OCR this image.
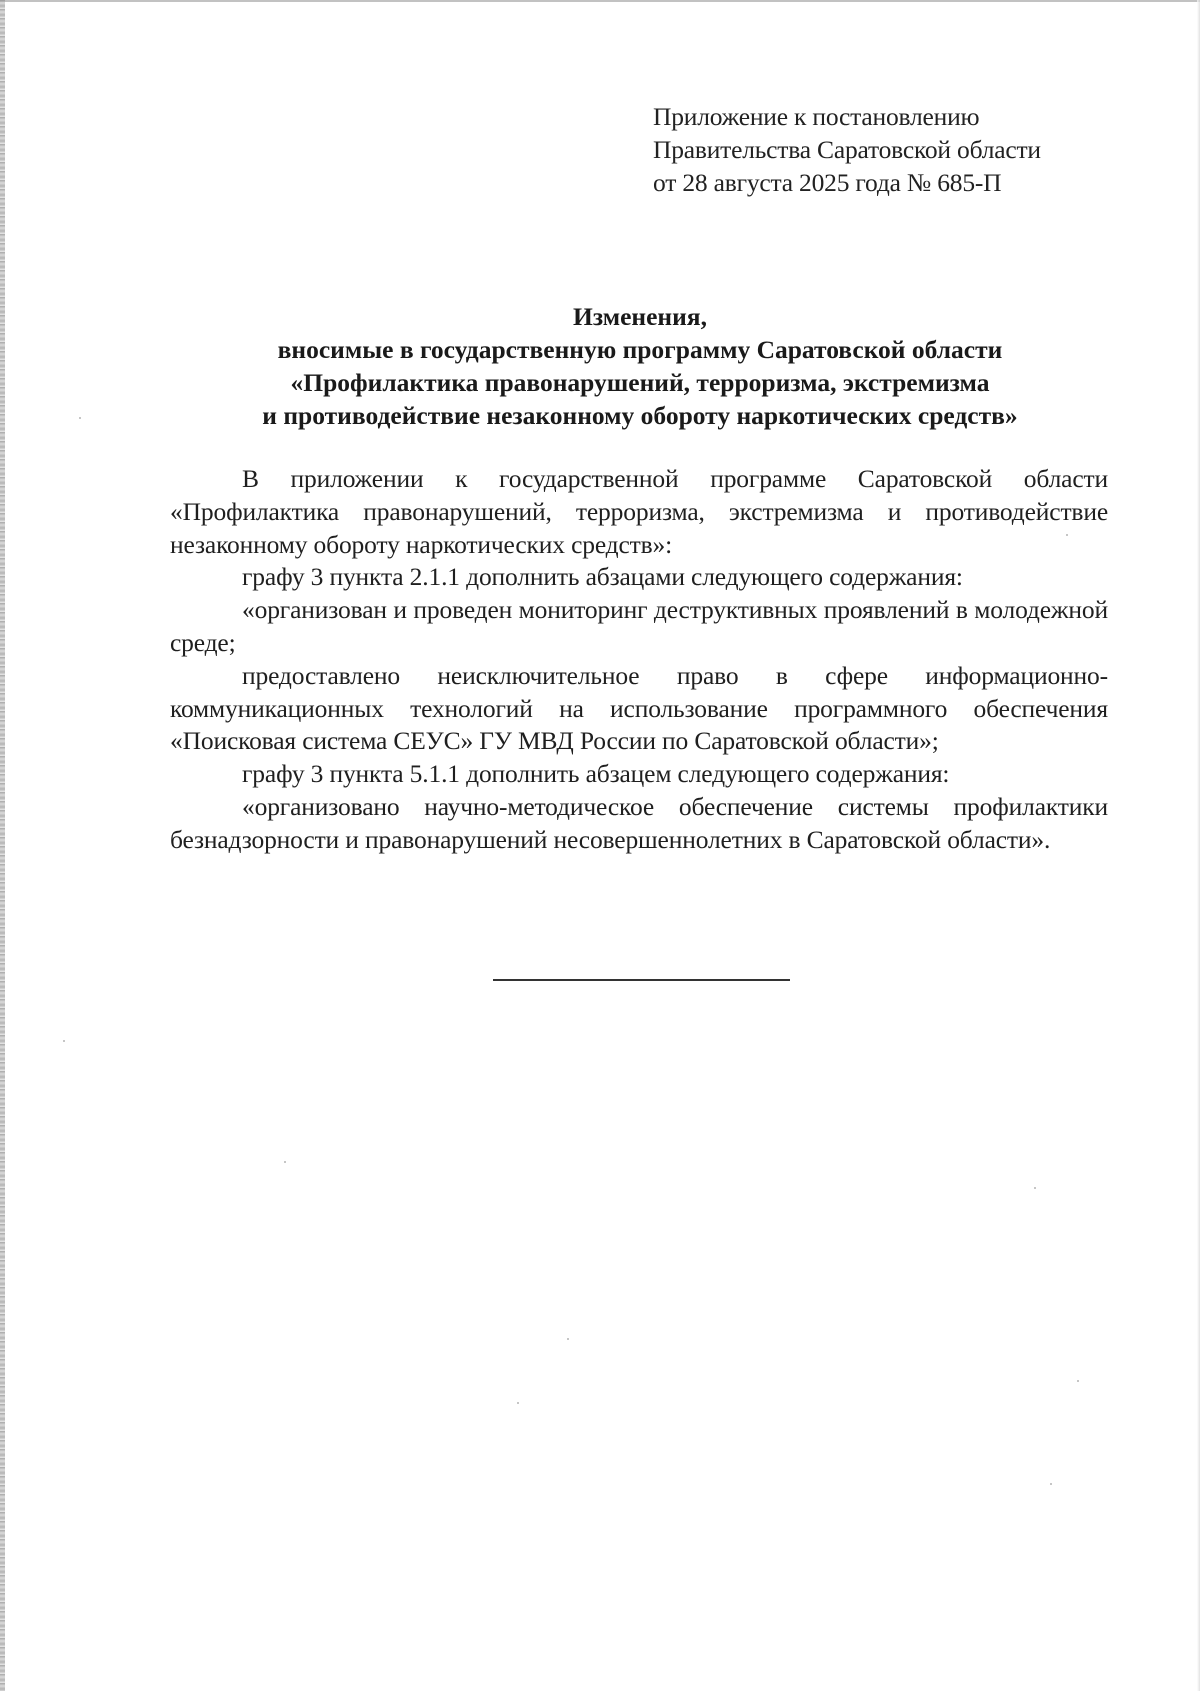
Приложение к постановлению
Правительства Саратовской области
от 28 августа 2025 года № 685-П
Изменения,
вносимые в государственную программу Саратовской области
«Профилактика правонарушений, терроризма, экстремизма
и противодействие незаконному обороту наркотических средств»

В приложении к государственной программе Саратовской области «Профилактика правонарушений, терроризма, экстремизма и противодействие незаконному обороту наркотических средств»:

графу 3 пункта 2.1.1 дополнить абзацами следующего содержания:

«организован и проведен мониторинг деструктивных проявлений в молодежной среде;

предоставлено неисключительное право в сфере информационно-коммуникационных технологий на использование программного обеспечения «Поисковая система СЕУС» ГУ МВД России по Саратовской области»;

графу 3 пункта 5.1.1 дополнить абзацем следующего содержания:

«организовано научно-методическое обеспечение системы профилактики безнадзорности и правонарушений несовершеннолетних в Саратовской области».
